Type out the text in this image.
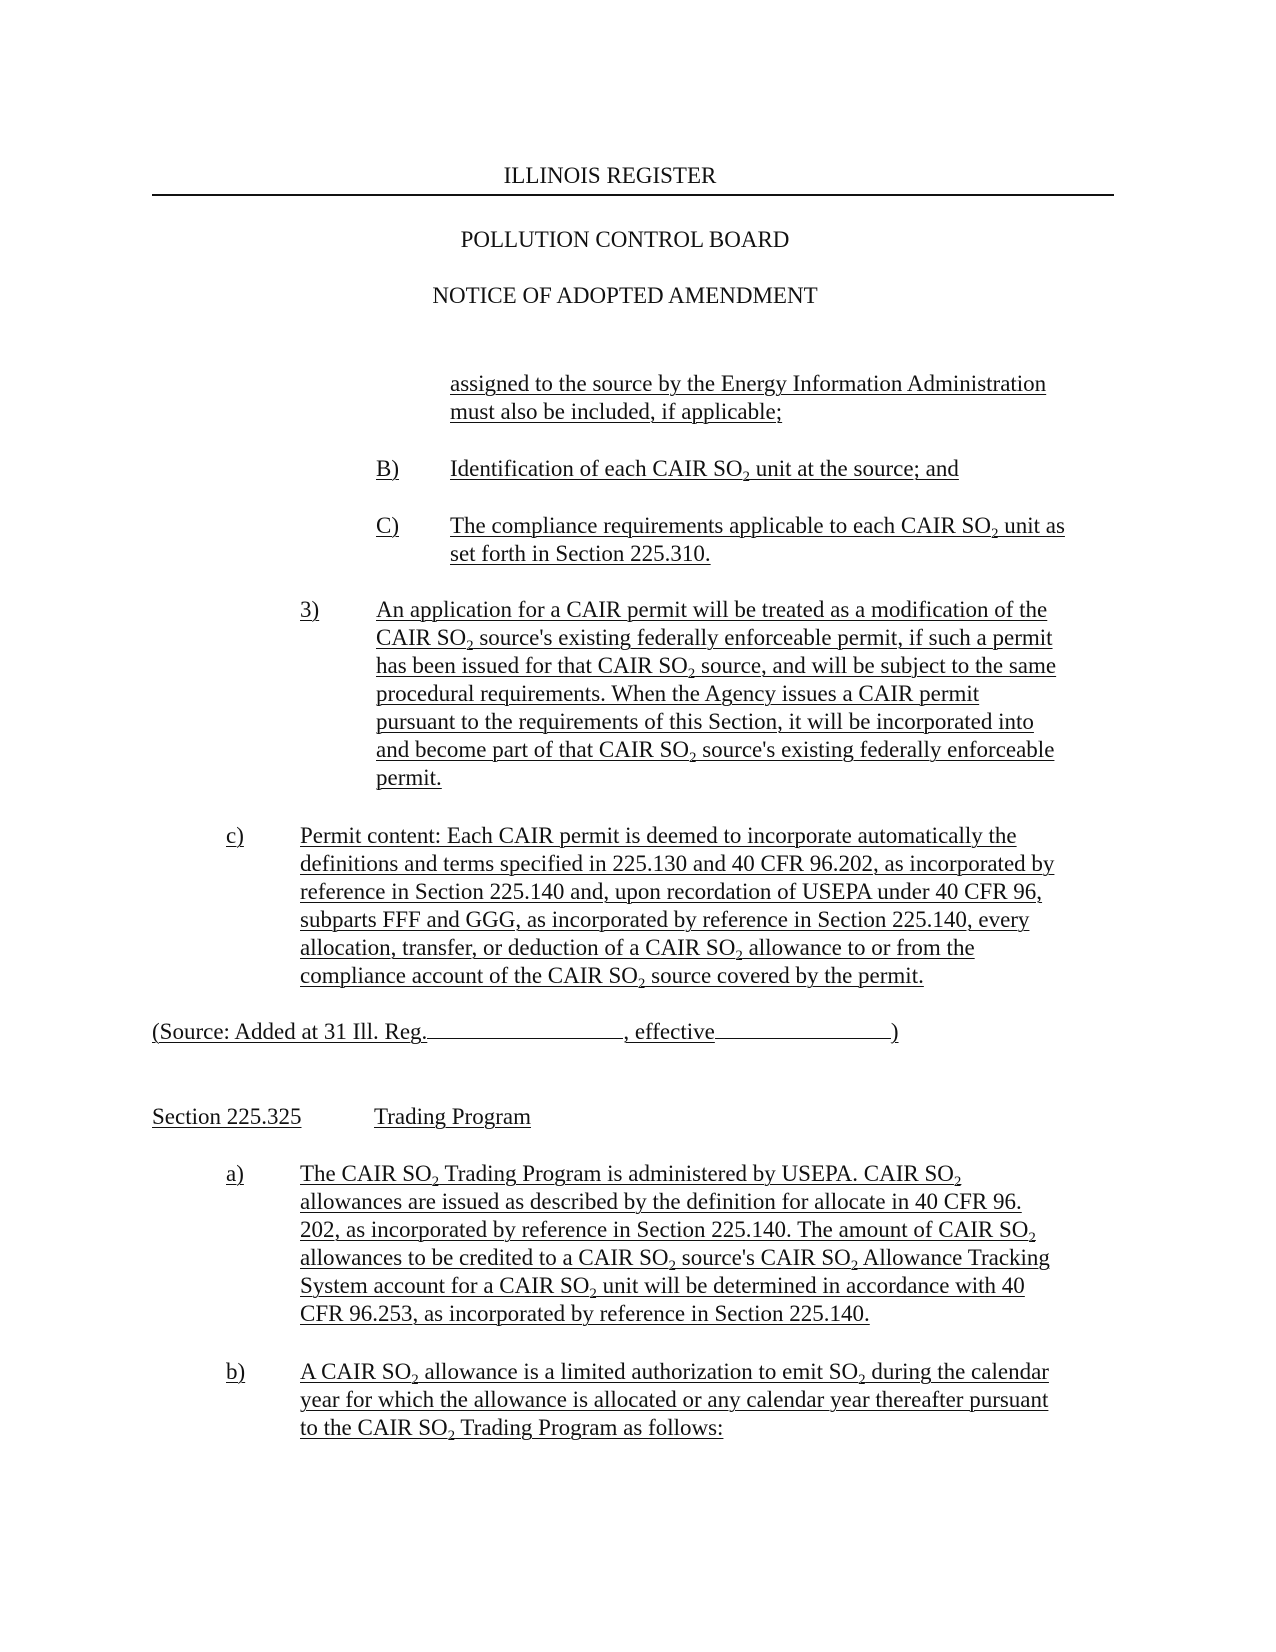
ILLINOIS REGISTER
POLLUTION CONTROL BOARD
NOTICE OF ADOPTED AMENDMENT
assigned to the source by the Energy Information Administration
must also be included, if applicable;
B)	Identification of each CAIR $SO_2$ unit at the source; and
C)	The compliance requirements applicable to each CAIR $SO_2$ unit as
set forth in Section 225.310.
3)	An application for a CAIR permit will be treated as a modification of the
CAIR $SO_2$ source's existing federally enforceable permit, if such a permit
has been issued for that CAIR $SO_2$ source, and will be subject to the same
procedural requirements. When the Agency issues a CAIR permit
pursuant to the requirements of this Section, it will be incorporated into
and become part of that CAIR $SO_2$ source's existing federally enforceable
permit.
c)	Permit content: Each CAIR permit is deemed to incorporate automatically the
definitions and terms specified in 225.130 and 40 CFR 96.202, as incorporated by
reference in Section 225.140 and, upon recordation of USEPA under 40 CFR 96,
subparts FFF and GGG, as incorporated by reference in Section 225.140, every
allocation, transfer, or deduction of a CAIR $SO_2$ allowance to or from the
compliance account of the CAIR $SO_2$ source covered by the permit.
(Source: Added at 31 Ill. Reg.	, effective	)
Section 225.325	Trading Program
a)	The CAIR $SO_2$ Trading Program is administered by USEPA. CAIR $SO_2$
allowances are issued as described by the definition for allocate in 40 CFR 96.
202, as incorporated by reference in Section 225.140. The amount of CAIR $SO_2$
allowances to be credited to a CAIR $SO_2$ source's CAIR $SO_2$ Allowance Tracking
System account for a CAIR $SO_2$ unit will be determined in accordance with 40
CFR 96.253, as incorporated by reference in Section 225.140.
b)	A CAIR $SO_2$ allowance is a limited authorization to emit $SO_2$ during the calendar
year for which the allowance is allocated or any calendar year thereafter pursuant
to the CAIR $SO_2$ Trading Program as follows:
